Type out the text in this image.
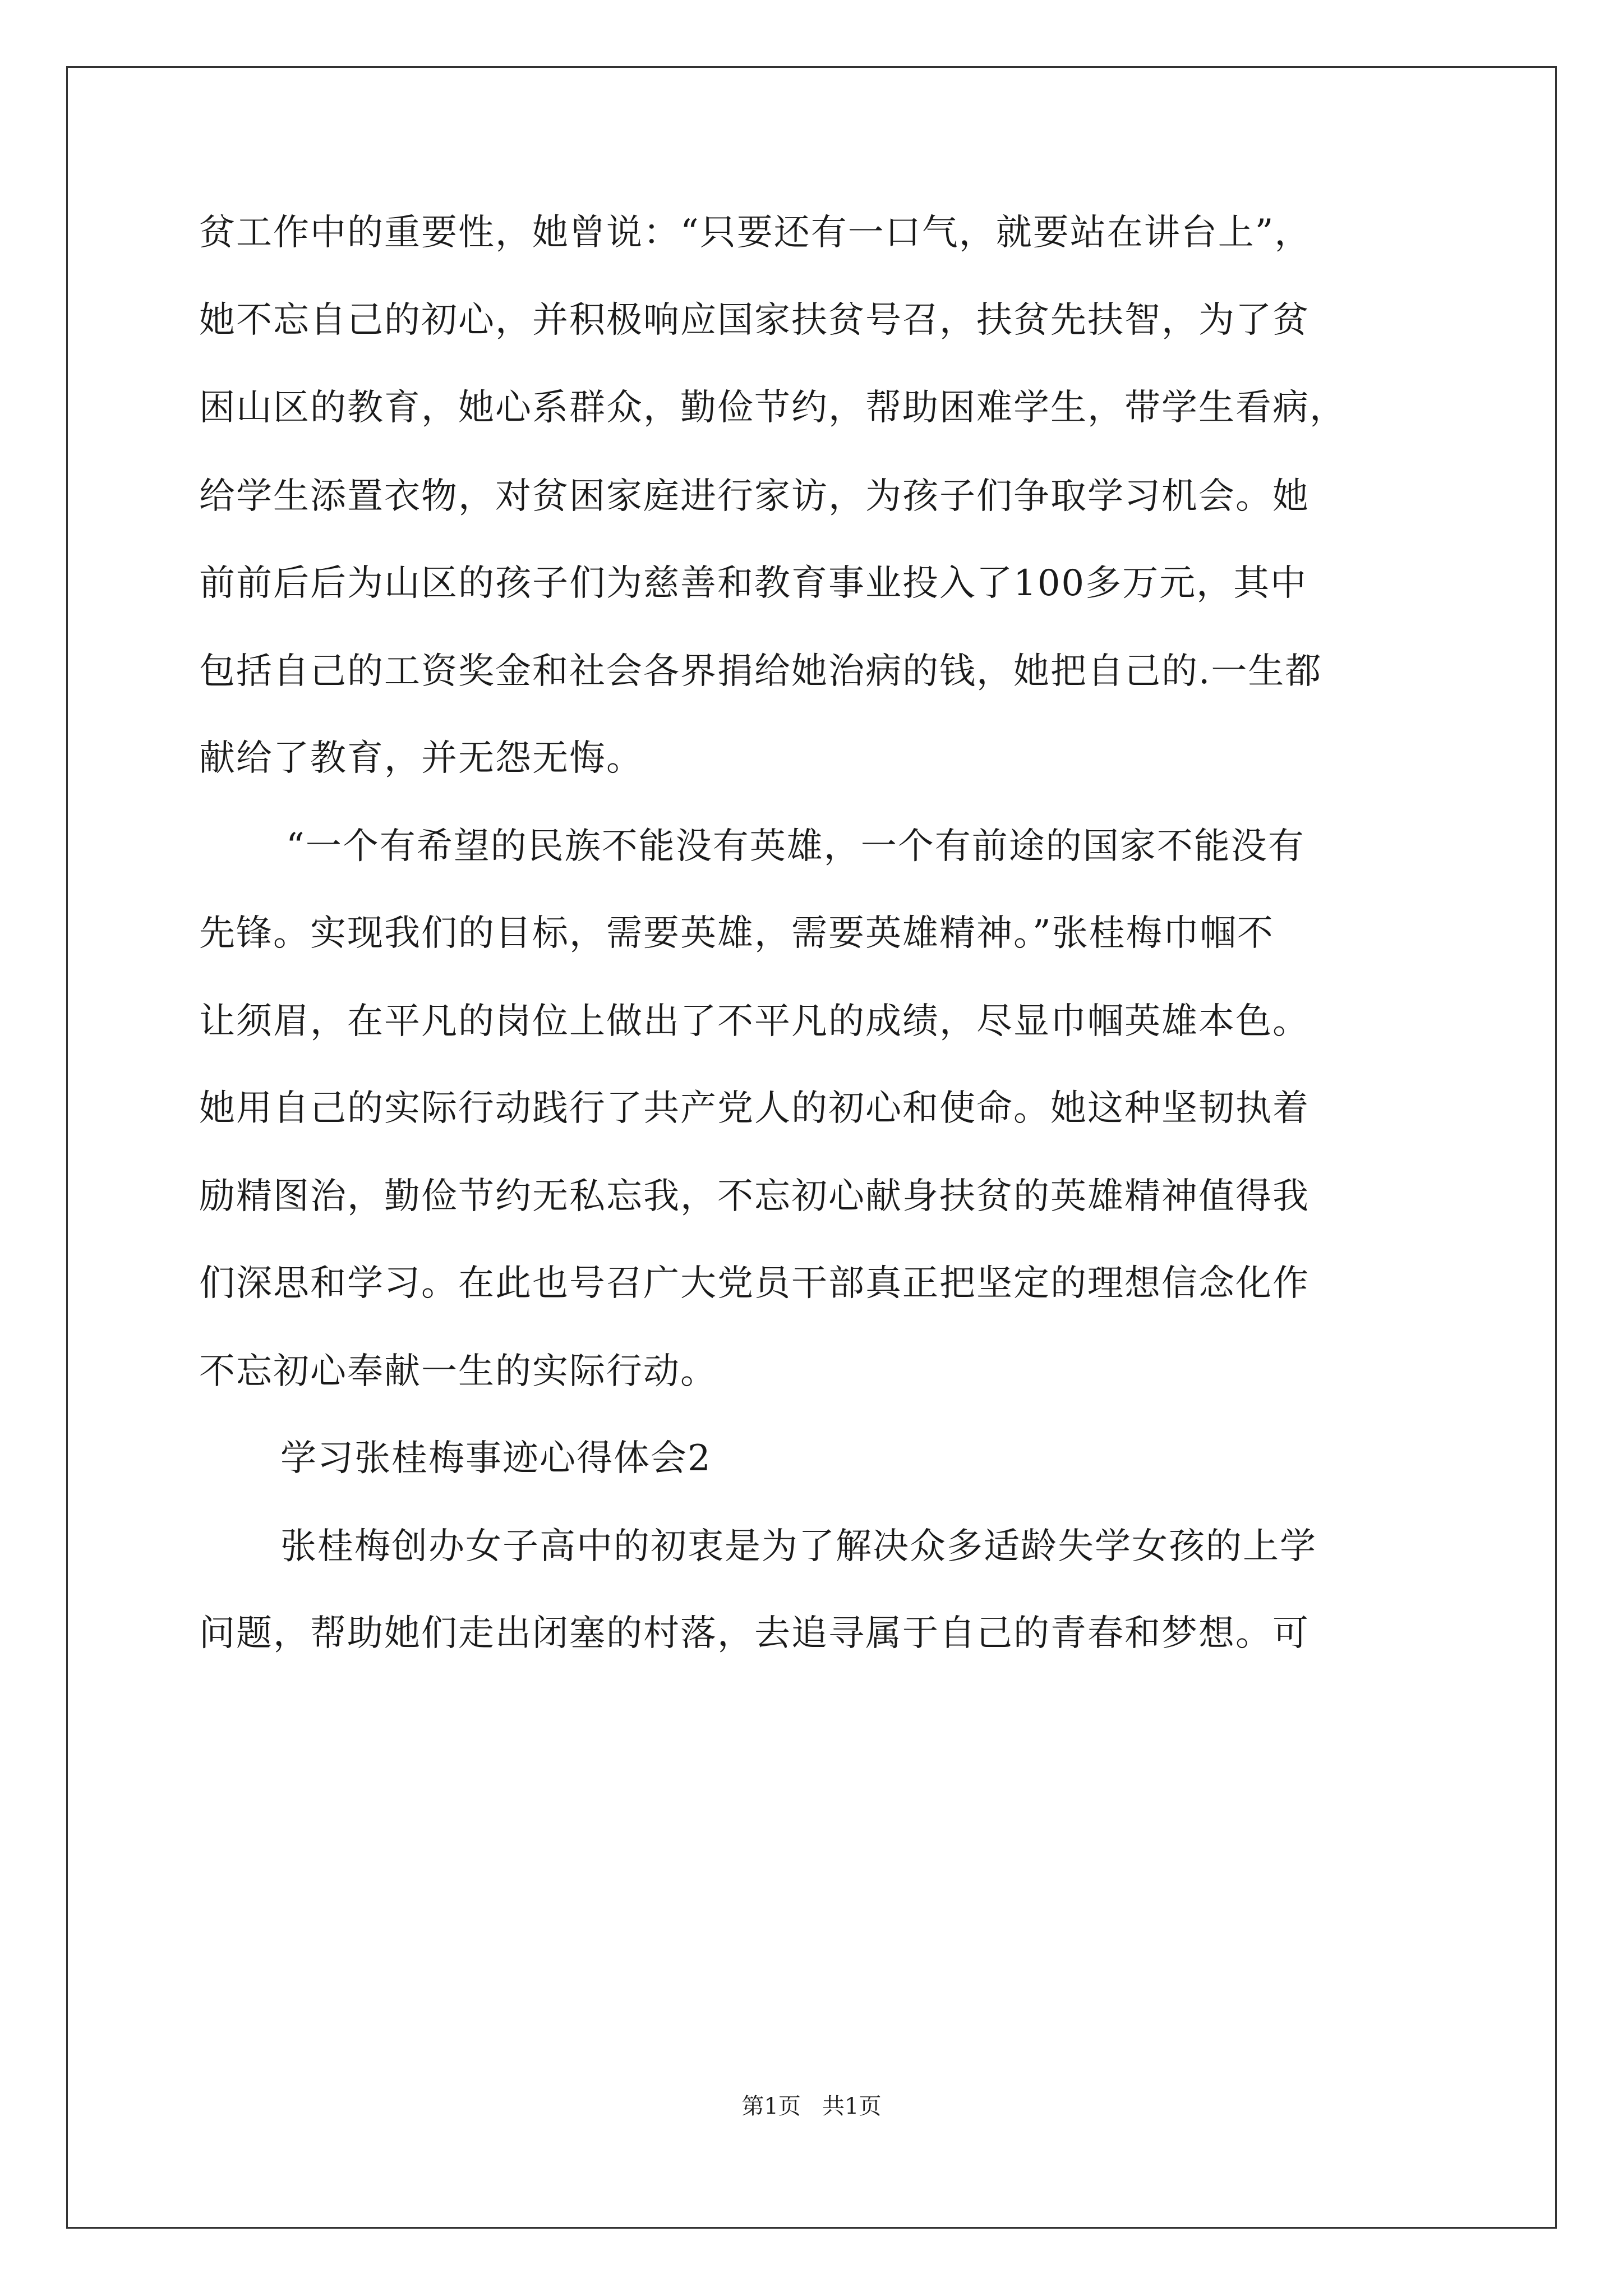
贫工作中的重要性，她曾说：“只要还有一口气，就要站在讲台上”，
她不忘自己的初心，并积极响应国家扶贫号召，扶贫先扶智，为了贫
困山区的教育，她心系群众，勤俭节约，帮助困难学生，带学生看病，
给学生添置衣物，对贫困家庭进行家访，为孩子们争取学习机会。她
前前后后为山区的孩子们为慈善和教育事业投入了100多万元，其中
包括自己的工资奖金和社会各界捐给她治病的钱，她把自己的.一生都
献给了教育，并无怨无悔。
“一个有希望的民族不能没有英雄，一个有前途的国家不能没有
先锋。实现我们的目标，需要英雄，需要英雄精神。”张桂梅巾帼不
让须眉，在平凡的岗位上做出了不平凡的成绩，尽显巾帼英雄本色。
她用自己的实际行动践行了共产党人的初心和使命。她这种坚韧执着
励精图治，勤俭节约无私忘我，不忘初心献身扶贫的英雄精神值得我
们深思和学习。在此也号召广大党员干部真正把坚定的理想信念化作
不忘初心奉献一生的实际行动。
学习张桂梅事迹心得体会2
张桂梅创办女子高中的初衷是为了解决众多适龄失学女孩的上学
问题，帮助她们走出闭塞的村落，去追寻属于自己的青春和梦想。可
第1页   共1页
